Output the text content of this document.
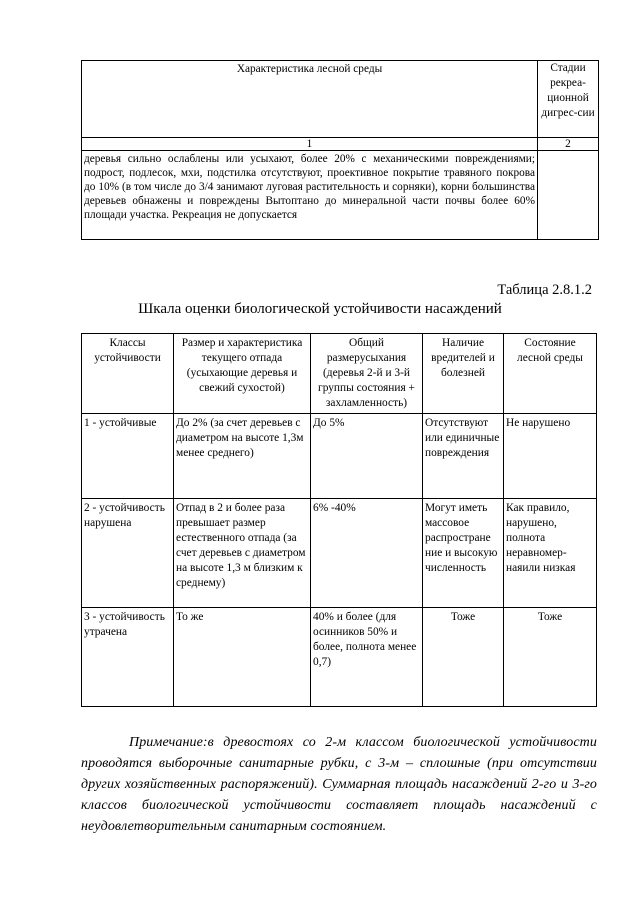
Характеристика лесной среды	Стадии рекреа-ционной дигрес-сии
1	2
деревья сильно ослаблены или усыхают, более 20% с механическими повреждениями; подрост, подлесок, мхи, подстилка отсутствуют, проективное покрытие травяного покрова до 10% (в том числе до 3/4 занимают луговая растительность и сорняки), корни большинства деревьев обнажены и повреждены Вытоптано до минеральной части почвы более 60% площади участка. Рекреация не допускается	
Таблица 2.8.1.2
Шкала оценки биологической устойчивости насаждений
Классы устойчивости	Размер и характеристика текущего отпада (усыхающие деревья и свежий сухостой)	Общий размерусыхания (деревья 2-й и 3-й группы состояния + захламленность)	Наличие вредителей и болезней	Состояние лесной среды
1 - устойчивые	До 2% (за счет деревьев с диаметром на высоте 1,3м менее среднего)	До 5%	Отсутствуют или единичные повреждения	Не нарушено
2 - устойчивость нарушена	Отпад в 2 и более раза превышает размер естественного отпада (за счет деревьев с диаметром на высоте 1,3 м близким к среднему)	6% -40%	Могут иметь массовое распростране ние и высокую численность	Как правило, нарушено, полнота неравномер-наяили низкая
3 - устойчивость утрачена	То же	40% и более (для осинников 50% и более, полнота менее 0,7)	Тоже	Тоже

Примечание:в древостоях со 2-м классом биологической устойчивости проводятся выборочные санитарные рубки, с 3-м – сплошные (при отсутствии других хозяйственных распоряжений). Суммарная площадь насаждений 2-го и 3-го классов биологической устойчивости составляет площадь насаждений с неудовлетворительным санитарным состоянием.
